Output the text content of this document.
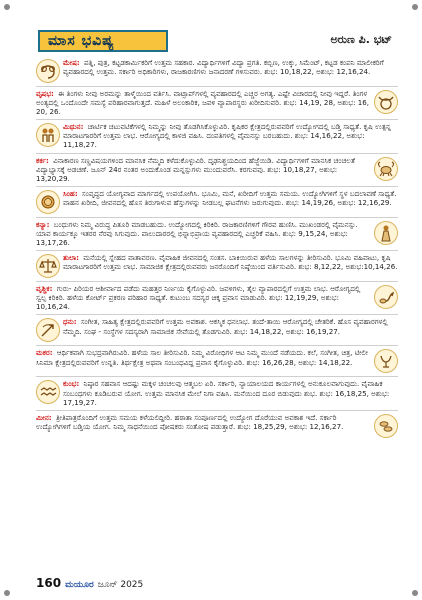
ಮಾಸ ಭವಿಷ್ಯ	ಅರುಣ ಪಿ. ಭಟ್

ಮೇಷ: ಪತ್ನಿ, ಪುತ್ರ, ಕಟ್ಟಡಕಾರ್ಮಿಕರಿಗೆ ಉತ್ತಮ ಸಹಕಾರ. ವಿದ್ಯಾರ್ಥಿಗಳಿಗೆ ವಿದ್ಯಾ ಪ್ರಗತಿ. ಕಬ್ಬಿಣ, ಉಕ್ಕು, ಸಿಮೆಂಟ್, ಕಟ್ಟಡ ಕಂಪನಿ ಮಾಲೀಕರಿಗೆ ವ್ಯವಹಾರದಲ್ಲಿ ಉತ್ತಮ. ಸರ್ಕಾರಿ ಅಧಿಕಾರಿಗಳು, ರಾಜಕಾರಣಿಗಳು ಜನಾದರಣೆ ಗಳಿಸುವರು. ಶುಭ: 10,18,22, ಅಶುಭ: 12,16,24.

ವೃಷಭ: ಈ ತಿಂಗಳು ನೀವು ಅರಮನ್ನು ತಾಳ್ಮೆಯಿಂದ ವರ್ತಿಸಿ. ವಾಟ್ಸಾಪ್‌ಗಳಲ್ಲಿ ವ್ಯವಹಾರದಲ್ಲಿ ಎಚ್ಚರ ಅಗತ್ಯ. ಎಷ್ಟೇ ವಿಚಾರದಲ್ಲಿ ನೀವು ಇದ್ದರೆ. ತಿಂಗಳ ಅಂತ್ಯದಲ್ಲಿ ಒಂದೊಂದೇ ಸಮಸ್ಯೆ ಪರಿಹಾರವಾಗುತ್ತದೆ. ಮಹಿಳೆ ಅಲಂಕಾರಿಕ, ಜವಳಿ ವ್ಯಾಪಾರಸ್ಥರು ಖರೀದಿಸುವರಿ. ಶುಭ: 14,19, 28, ಅಶುಭ: 16, 20, 26.

ಮಿಥುನ: ಚಾರ್ಟಿಕ ಚಟುವಟಿಕೆಗಳಲ್ಲಿ ನಿಮ್ಮನ್ನು ನೀವು ತೊಡಗಿಸಿಕೊಳ್ಳುವಿರಿ. ಕೃಷಿಕರ ಕ್ಷೇತ್ರದಲ್ಲಿರುವವರಿಗೆ ಉದ್ಯೋಗದಲ್ಲಿ ಬಡ್ತಿ ಸಾಧ್ಯತೆ. ಕೃಷಿ ಉತ್ಪನ್ನ ಮಾರಾಟಗಾರರಿಗೆ ಉತ್ತಮ ಲಾಭ. ಆರೋಗ್ಯದಲ್ಲಿ ಕಾಳಜಿ ವಹಿಸಿ. ದಂಪತಿಗಳಲ್ಲಿ ವೈಮನಸ್ಸು ಬರಬಹುದು. ಶುಭ: 14,16,22, ಅಶುಭ: 11,18,27.

ಕರ್ಕ: ವಿನಾಕಾರಣ ಸಣ್ಣವಿಷಯಗಳಿಂದ ಮಾನಸಿಕ ನೆಮ್ಮದಿ ಕಳೆದುಕೊಳ್ಳುವಿರಿ. ದೃಢನಿಶ್ಚಯದಿಂದ ಹೆಜ್ಜೆಯಿಡಿ. ವಿದ್ಯಾರ್ಥಿಗಳಿಗೆ ಮಾನಸಿಕ ಚಂಚಲತೆ ವಿದ್ಯಾಭ್ಯಾಸಕ್ಕೆ ಅಡಚಣೆ. ಜೂನ್ 24ರ ನಂತರ ಅಂದುಕೊಂಡ ಮನ್ನಸ್ಸುಗಳು ಮುಂದುವರೆಸಿ. ಕರಗುವವು. ಶುಭ: 10,18,27, ಅಶುಭ: 13,20,29.

ಸಿಂಹ: ಸಂವೃದ್ಧದ ಯೋಗ್ಯವಾದ ಮಾರ್ಗದಲ್ಲಿ ಉಪಯೋಗಿಸಿ. ಭೂಮಿ, ಮನೆ, ಖರೀದಿಗೆ ಉತ್ತಮ ಸಮಯ. ಉದ್ಯೋಗಿಗಳಿಗೆ ಸ್ಥಳ ಬದಲಾವಣೆ ಸಾಧ್ಯತೆ. ವಾಹನ ಖರೀದಿ, ಜೀವನದಲ್ಲಿ ಹೊಸ ತಿರುಗಾಳುವ ಹೆಸ್ತುಗಳನ್ನು ನೀಡಬಲ್ಲ ಘಟನೆಗಳು ಜರುಗುವುದು. ಶುಭ: 14,19,26, ಅಶುಭ: 12,16,29.

ಕನ್ಯಾ: ಬಂಧುಗಳು ನಿಮ್ಮ ವಿರುದ್ಧ ಪಿತೂರಿ ಮಾಡಬಹುದು. ಉದ್ಯೋಗದಲ್ಲಿ ಕಿರಿಕಿರಿ. ರಾಜಕಾರಣಿಗಳಿಗೆ ಗೌರವ ಹುಣಿಸಿ. ಮುಖಂಡರಲ್ಲಿ ವೈಮನಸ್ಸು. ಯಾವ ಕಾರ್ಯಕ್ಕೂ ಇತರರ ನೆರವು ಸಿಗುವುದು. ಪಾಲುದಾರರಲ್ಲಿ ಭಿನ್ನಾಭಿಪ್ರಾಯ ವ್ಯವಹಾರದಲ್ಲಿ ಎಚ್ಚರಿಕೆ ವಹಿಸಿ. ಶುಭ: 9,15,24, ಅಶುಭ: 13,17,26.

ತುಲಾ: ಮನೆಯಲ್ಲಿ ಸ್ನೇಹದ ವಾತಾವರಣ. ವೈವಾಹಿಕ ಜೀವನದಲ್ಲಿ ಸಂತಸ. ಬಾಕಿಯಿರುವ ಹಳೆಯ ಸಾಲಗಳನ್ನು ತೀರಿಸುವಿರಿ. ಭೂಮಿ ವಹಿವಾಟು, ಕೃಷಿ ಮಾರಾಟಗಾರರಿಗೆ ಉತ್ತಮ ಲಾಭ. ಸಾಮಾಜಿಕ ಕ್ಷೇತ್ರದಲ್ಲಿರುವವರು ಜನರೊಂದಿಗೆ ನಿಷ್ಠೆಯಿಂದ ವರ್ತಿಸುವಿರಿ. ಶುಭ: 8,12,22, ಅಶುಭ:10,14,26.

ವೃಶ್ಚಿಕ: ಗುರು- ಪಿರಿಯರ ಆಶೀರ್ವಾದ ಪಡೆದು ಮಹತ್ತರ ನಿರ್ಣಯ ಕೈಗೊಳ್ಳುವಿರಿ. ಜವಳಿಗಳು, ತೈಲ ವ್ಯಾಪಾರದಲ್ಲಿಗೆ ಉತ್ತಮ ಲಾಭ. ಆರೋಗ್ಯದಲ್ಲಿ ಸ್ವಲ್ಪ ಕಿರಿಕಿರಿ. ಹಳೆಯ ಕೋರ್ಟ್ ಪ್ರಕರಣ ಪರಿಹಾರ ಸಾಧ್ಯತೆ. ಕುಟುಂಬ ಸದಸ್ಯರ ಚಿಕ್ಕ ಪ್ರವಾಸ ಮಾಡುವಿರಿ. ಶುಭ: 12,19,29, ಅಶುಭ: 10,16,24.

ಧನು: ಸಂಗೀತ, ಸಾಹಿತ್ಯ ಕ್ಷೇತ್ರದಲ್ಲಿರುವವರಿಗೆ ಉತ್ತಮ ಅವಕಾಶ. ಆಕಸ್ಮಿಕ ಧನಲಾಭ. ತಂದೆ-ತಾಯಿ ಆರೋಗ್ಯದಲ್ಲಿ ಚೇತರಿಕೆ. ಹೊಸ ವ್ಯವಹಾರಗಳಲ್ಲಿ ನೆಮ್ಮದಿ. ಸಂಘ - ಸಂಸ್ಥೆಗಳ ಸದಸ್ಯರಾಗಿ ಸಾಮಾಜಿಕ ಸೇವೆಯಲ್ಲಿ ತೊಡಗುವಿರಿ. ಶುಭ: 14,18,22, ಅಶುಭ: 16,19,27.

ಮಕರ: ಆರ್ಥಿಕವಾಗಿ ಸುಭದ್ರವಾಗಿರುವಿರಿ. ಹಳೆಯ ಸಾಲ ತೀರಿಸುವಿರಿ. ನಿಮ್ಮ ವಿರೋಧಿಗಳ ಆಟ ನಿಮ್ಮ ಮುಂದೆ ನಡೆಯದು. ಕಲೆ, ಸಂಗೀತ, ಚಿತ್ರ, ಟೀಲೀ ಸಿನಿಮಾ ಕ್ಷೇತ್ರದಲ್ಲಿರುವವರಿಗೆ ಉನ್ನತಿ. ತಿರ್ಥಕ್ಷೇತ್ರ ಅಥವಾ ಸಂಬಂಧವಿದ್ದ ಪ್ರವಾಸ ಕೈಗೊಳ್ಳುವಿರಿ. ಶುಭ: 16,26,28, ಅಶುಭ: 14,18,22.

ಕುಂಭ: ನಿಷ್ಠಾರ ಸಹವಾಸ ಆದಷ್ಟು ಮಕ್ಕಳ ಚಂಚಲವು ಆತ್ಮಬಲ ಏರಿ. ಸರ್ಕಾರಿ, ನ್ಯಾಯಾಲಯದ ಕಾರ್ಯಗಳಲ್ಲಿ ಅನುಕೂಲವಾಗುವುದು. ವೈವಾಹಿಕ ಸಂಬಂಧಗಳು ಕೂಡಿಬರುವ ಯೋಗ. ಉತ್ತಮ ಮಾನಸಿಕ ಮೇಲೆ ನಿಗಾ ವಹಿಸಿ. ಮನೆಯಿಂದ ದೂರ ಬಿಡುವುದು ಶುಭ. ಶುಭ: 16,18,25, ಅಶುಭ: 17,19,27.

ಮೀನ: ತ್ರೀತಿಪಾತ್ರರೊಂದಿಗೆ ಉತ್ತಮ ಸಮಯ ಕಳೆಯಲಿದ್ದೀರಿ. ಹಠಾತಾ ಸಂಪೂರ್ಣದಲ್ಲಿ ಉದ್ಯೋಗ ದೊರೆಯುವ ಅವಕಾಶ ಇದೆ. ಸರ್ಕಾರಿ ಉದ್ಯೋಗಿಗಳಿಗೆ ಬಡ್ತಿಯ ಯೋಗ. ನಿಮ್ಮ ಸಾಧನೆಯಿಂದ ಪೋಷಕರು ಸಂತೋಷ ಪಡುತ್ತಾರೆ. ಶುಭ: 18,25,29, ಅಶುಭ: 12,16,27.

160 ಮಯೂರ ಜೂನ್ 2025
